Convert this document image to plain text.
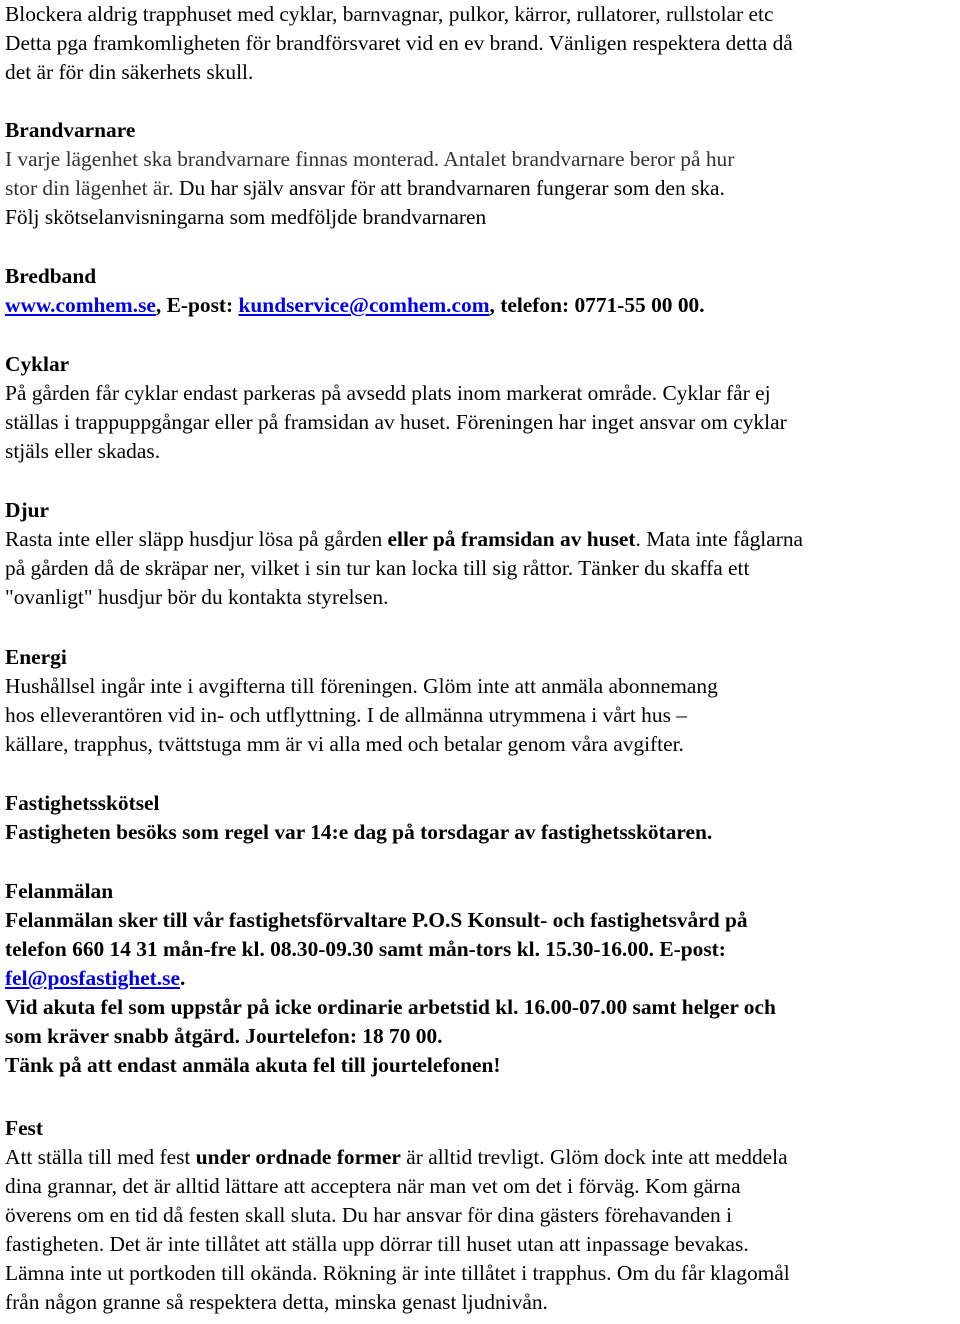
Blockera aldrig trapphuset med cyklar, barnvagnar, pulkor, kärror, rullatorer, rullstolar etc
Detta pga framkomligheten för brandförsvaret vid en ev brand. Vänligen respektera detta då
det är för din säkerhets skull.
Brandvarnare
I varje lägenhet ska brandvarnare finnas monterad. Antalet brandvarnare beror på hur
stor din lägenhet är. Du har själv ansvar för att brandvarnaren fungerar som den ska.
Följ skötselanvisningarna som medföljde brandvarnaren
Bredband
www.comhem.se, E-post: kundservice@comhem.com, telefon: 0771-55 00 00.
Cyklar
På gården får cyklar endast parkeras på avsedd plats inom markerat område. Cyklar får ej
ställas i trappuppgångar eller på framsidan av huset. Föreningen har inget ansvar om cyklar
stjäls eller skadas.
Djur
Rasta inte eller släpp husdjur lösa på gården eller på framsidan av huset. Mata inte fåglarna
på gården då de skräpar ner, vilket i sin tur kan locka till sig råttor. Tänker du skaffa ett
"ovanligt" husdjur bör du kontakta styrelsen.
Energi
Hushållsel ingår inte i avgifterna till föreningen. Glöm inte att anmäla abonnemang
hos elleverantören vid in- och utflyttning. I de allmänna utrymmena i vårt hus –
källare, trapphus, tvättstuga mm är vi alla med och betalar genom våra avgifter.
Fastighetsskötsel
Fastigheten besöks som regel var 14:e dag på torsdagar av fastighetsskötaren.
Felanmälan
Felanmälan sker till vår fastighetsförvaltare P.O.S Konsult- och fastighetsvård på
telefon 660 14 31 mån-fre kl. 08.30-09.30 samt mån-tors kl. 15.30-16.00. E-post:
fel@posfastighet.se.
Vid akuta fel som uppstår på icke ordinarie arbetstid kl. 16.00-07.00 samt helger och
som kräver snabb åtgärd. Jourtelefon: 18 70 00.
Tänk på att endast anmäla akuta fel till jourtelefonen!
Fest
Att ställa till med fest under ordnade former är alltid trevligt. Glöm dock inte att meddela
dina grannar, det är alltid lättare att acceptera när man vet om det i förväg. Kom gärna
överens om en tid då festen skall sluta. Du har ansvar för dina gästers förehavanden i
fastigheten. Det är inte tillåtet att ställa upp dörrar till huset utan att inpassage bevakas.
Lämna inte ut portkoden till okända. Rökning är inte tillåtet i trapphus. Om du får klagomål
från någon granne så respektera detta, minska genast ljudnivån.
